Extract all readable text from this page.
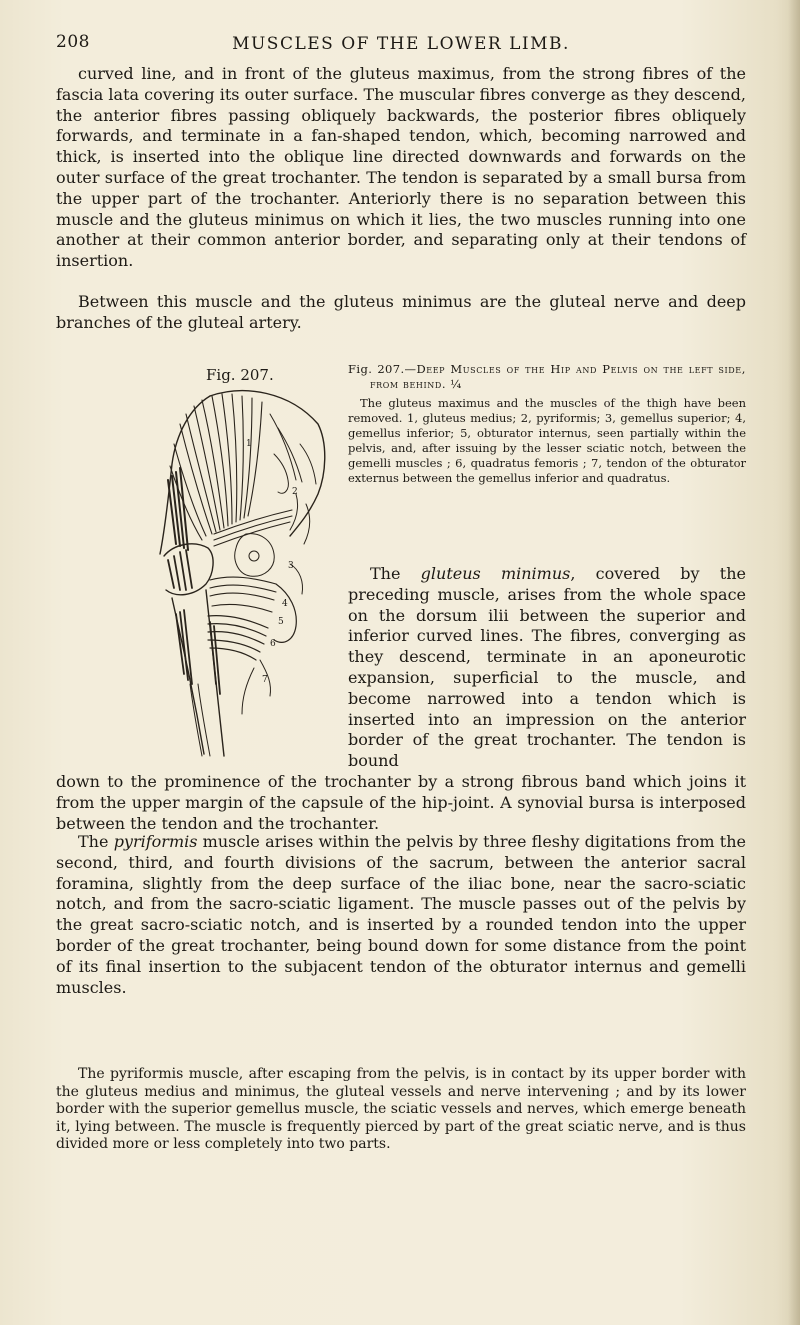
208	MUSCLES OF THE LOWER LIMB.

curved line, and in front of the gluteus maximus, from the strong fibres of the fascia lata covering its outer surface. The muscular fibres converge as they descend, the anterior fibres passing obliquely backwards, the posterior fibres obliquely forwards, and terminate in a fan-shaped tendon, which, becoming narrowed and thick, is inserted into the oblique line directed downwards and forwards on the outer surface of the great trochanter. The tendon is separated by a small bursa from the upper part of the trochanter. Anteriorly there is no separation between this muscle and the gluteus minimus on which it lies, the two muscles running into one another at their common anterior border, and separating only at their tendons of insertion.

Between this muscle and the gluteus minimus are the gluteal nerve and deep branches of the gluteal artery.

Fig. 207.
1
2
3
4
5
6
7
Fig. 207.—Deep Muscles of the Hip and Pelvis on the left side, from behind. ¼
The gluteus maximus and the muscles of the thigh have been removed. 1, gluteus medius; 2, pyriformis; 3, gemellus superior; 4, gemellus inferior; 5, obturator internus, seen partially within the pelvis, and, after issuing by the lesser sciatic notch, between the gemelli muscles ; 6, quadratus femoris ; 7, tendon of the obturator externus between the gemellus inferior and quadratus.

The gluteus minimus, covered by the preceding muscle, arises from the whole space on the dorsum ilii between the superior and inferior curved lines. The fibres, converging as they descend, terminate in an aponeurotic expansion, superficial to the muscle, and become narrowed into a tendon which is inserted into an impression on the anterior border of the great trochanter. The tendon is bound

down to the prominence of the trochanter by a strong fibrous band which joins it from the upper margin of the capsule of the hip-joint. A synovial bursa is interposed between the tendon and the trochanter.

The pyriformis muscle arises within the pelvis by three fleshy digitations from the second, third, and fourth divisions of the sacrum, between the anterior sacral foramina, slightly from the deep surface of the iliac bone, near the sacro-sciatic notch, and from the sacro-sciatic ligament. The muscle passes out of the pelvis by the great sacro-sciatic notch, and is inserted by a rounded tendon into the upper border of the great trochanter, being bound down for some distance from the point of its final insertion to the subjacent tendon of the obturator internus and gemelli muscles.

The pyriformis muscle, after escaping from the pelvis, is in contact by its upper border with the gluteus medius and minimus, the gluteal vessels and nerve intervening ; and by its lower border with the superior gemellus muscle, the sciatic vessels and nerves, which emerge beneath it, lying between. The muscle is frequently pierced by part of the great sciatic nerve, and is thus divided more or less completely into two parts.
